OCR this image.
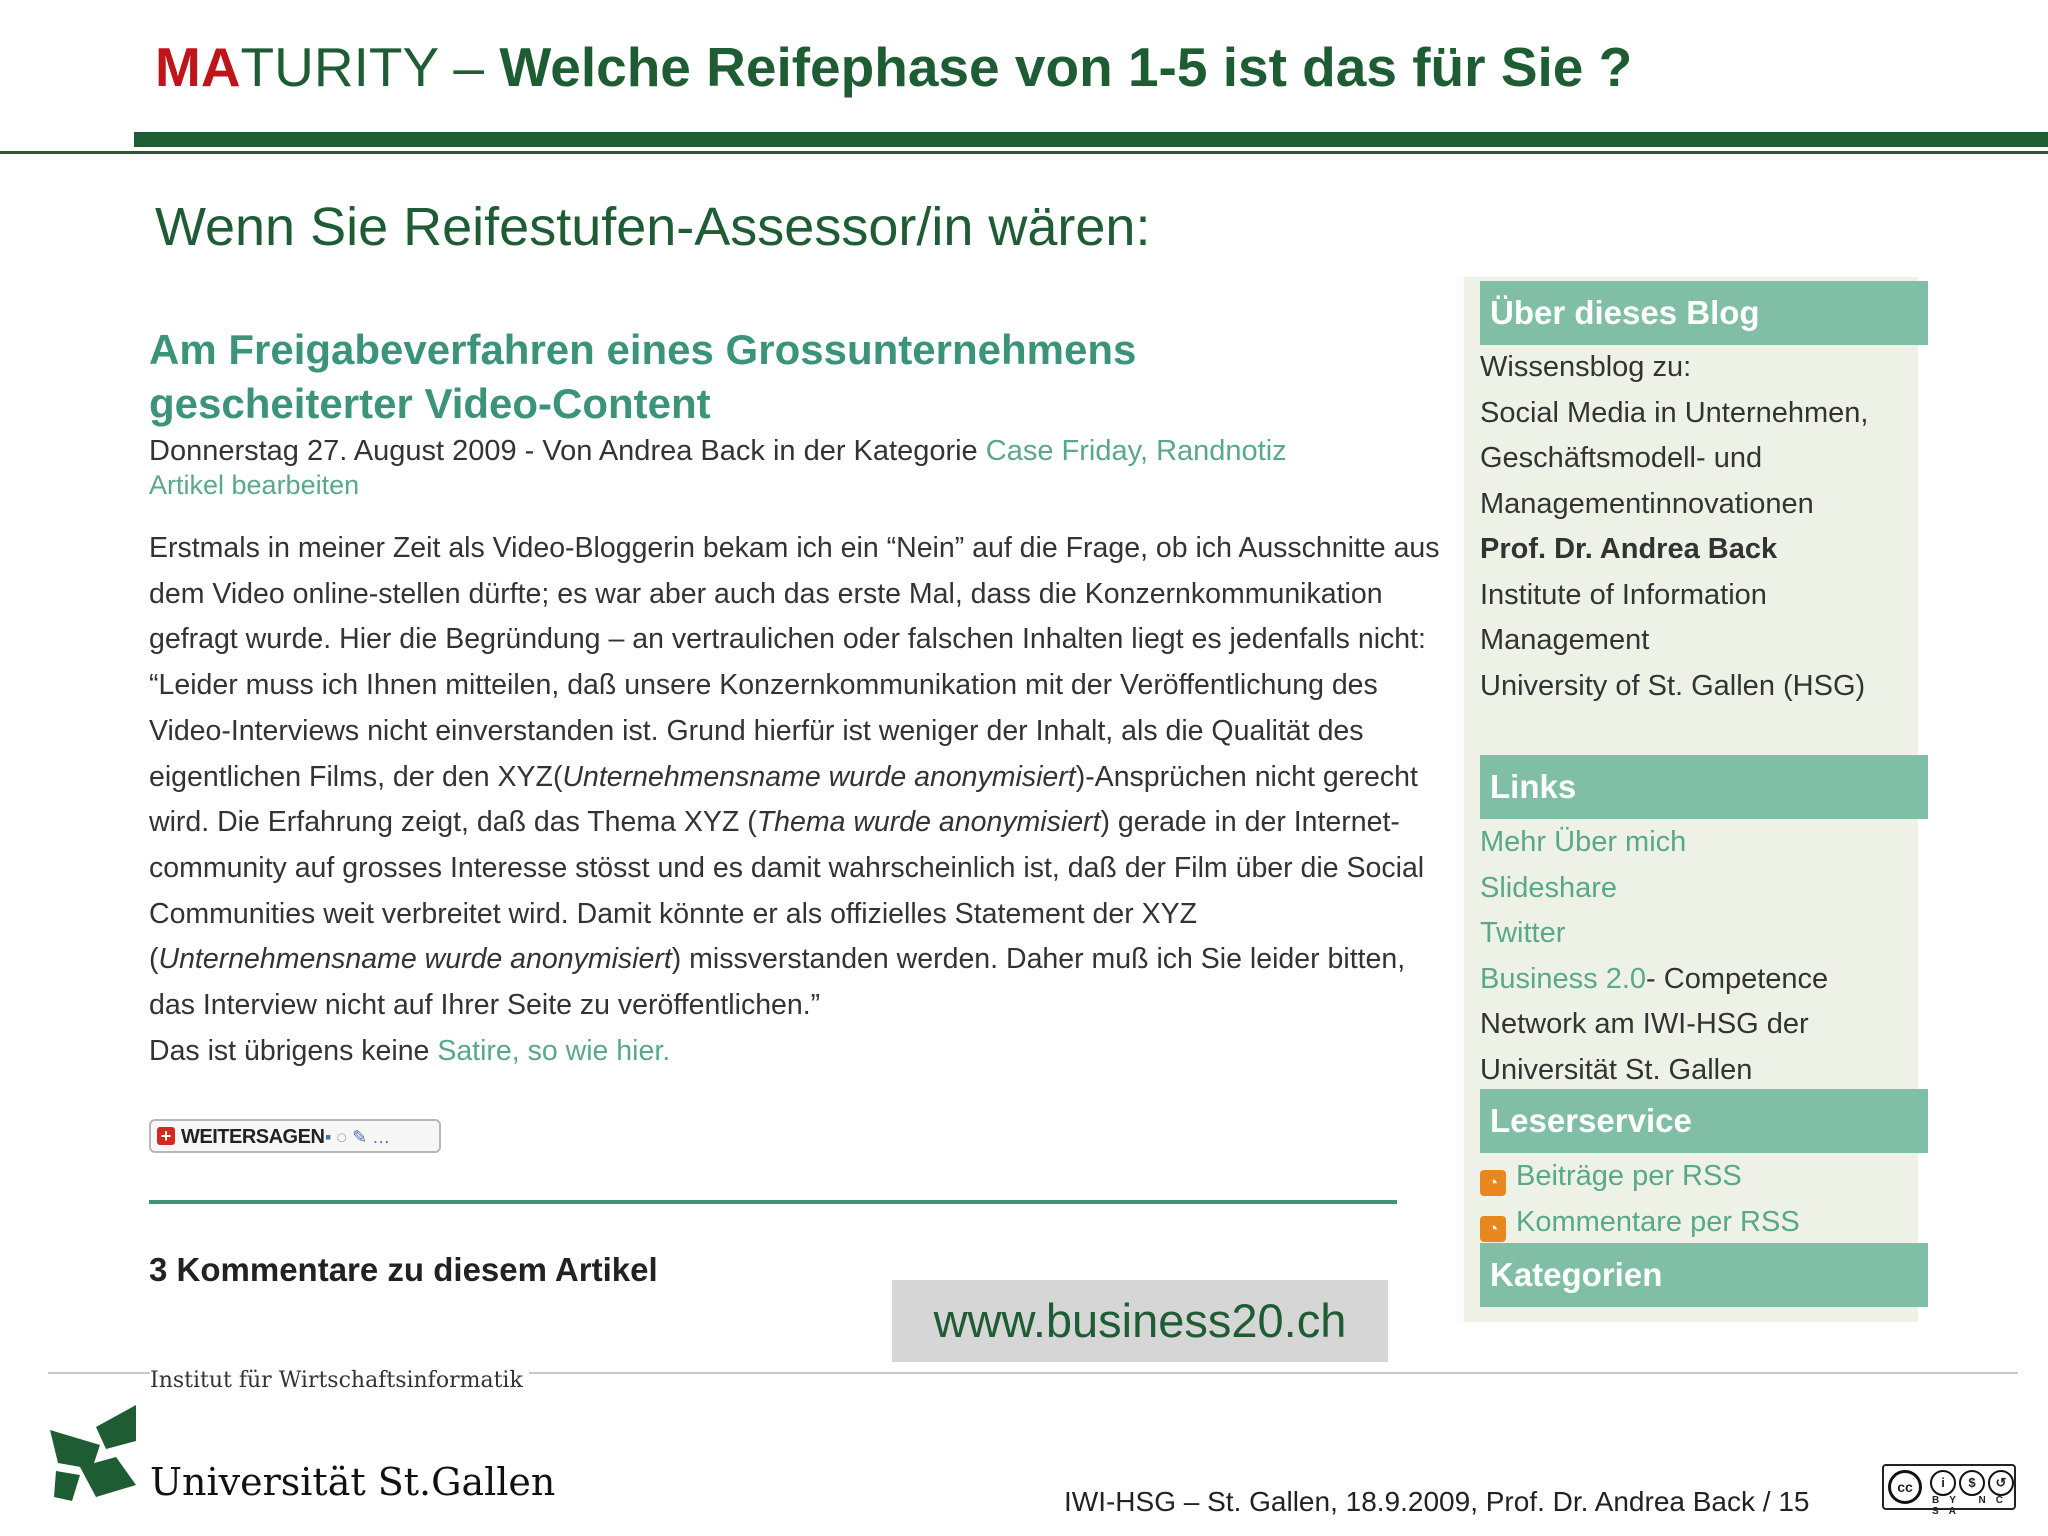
MATURITY – Welche Reifephase von 1-5 ist das für Sie ?
Wenn Sie Reifestufen-Assessor/in wären:
Am Freigabeverfahren eines Grossunternehmens gescheiterter Video-Content
Donnerstag 27. August 2009 - Von Andrea Back in der Kategorie Case Friday, Randnotiz
Artikel bearbeiten

Erstmals in meiner Zeit als Video-Bloggerin bekam ich ein “Nein” auf die Frage, ob ich Ausschnitte aus dem Video online-stellen dürfte; es war aber auch das erste Mal, dass die Konzernkommunikation gefragt wurde. Hier die Begründung – an vertraulichen oder falschen Inhalten liegt es jedenfalls nicht:

“Leider muss ich Ihnen mitteilen, daß unsere Konzernkommunikation mit der Veröffentlichung des Video-Interviews nicht einverstanden ist. Grund hierfür ist weniger der Inhalt, als die Qualität des eigentlichen Films, der den XYZ(Unternehmensname wurde anonymisiert)-Ansprüchen nicht gerecht wird. Die Erfahrung zeigt, daß das Thema XYZ (Thema wurde anonymisiert) gerade in der Internet-community auf grosses Interesse stösst und es damit wahrscheinlich ist, daß der Film über die Social Communities weit verbreitet wird. Damit könnte er als offizielles Statement der XYZ (Unternehmensname wurde anonymisiert) missverstanden werden. Daher muß ich Sie leider bitten, das Interview nicht auf Ihrer Seite zu veröffentlichen.”

Das ist übrigens keine Satire, so wie hier.

+ WEITERSAGEN ▪ ◌ ✎ …
3 Kommentare zu diesem Artikel
Über dieses Blog
Wissensblog zu:
Social Media in Unternehmen,
Geschäftsmodell- und
Managementinnovationen
Prof. Dr. Andrea Back
Institute of Information
Management
University of St. Gallen (HSG)
Links
Mehr Über mich
Slideshare
Twitter
Business 2.0- Competence
Network am IWI-HSG der
Universität St. Gallen
Leserservice
◔ Beiträge per RSS
◔ Kommentare per RSS
Kategorien
www.business20.ch
Institut für Wirtschaftsinformatik
Universität St.Gallen	IWI-HSG – St. Gallen, 18.9.2009, Prof. Dr. Andrea Back / 15	cc	i	$	↺
BY NC SA
